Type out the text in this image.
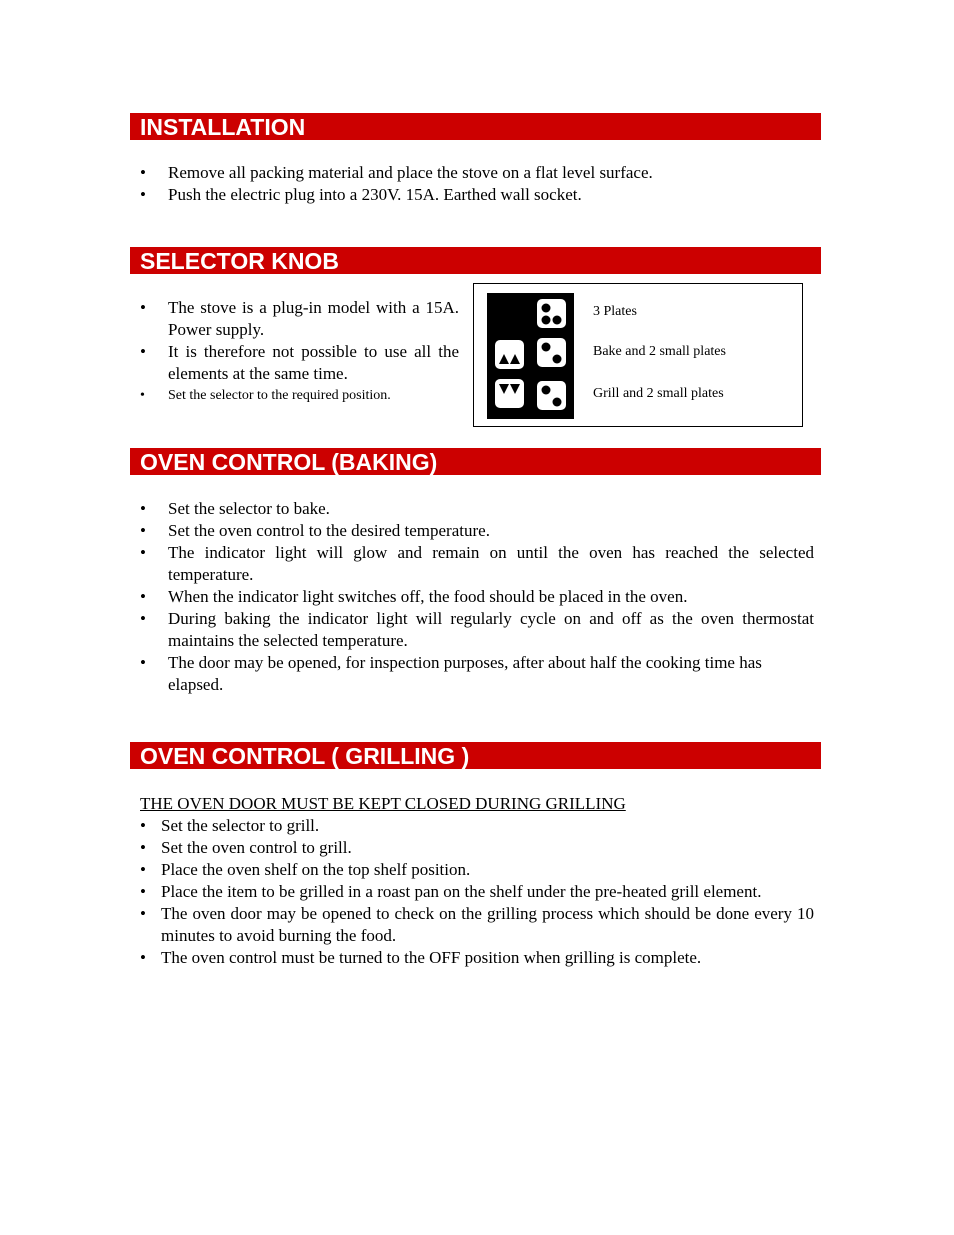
INSTALLATION
• Remove all packing material and place the stove on a flat level surface.
• Push the electric plug into a 230V. 15A. Earthed wall socket.
SELECTOR KNOB
• The stove is a plug-in model with a 15A. Power supply.
• It is therefore not possible to use all the elements at the same time.
• Set the selector to the required position.
3 Plates
Bake and 2 small plates
Grill and 2 small plates
OVEN CONTROL (BAKING)
• Set the selector to bake.
• Set the oven control to the desired temperature.
• The indicator light will glow and remain on until the oven has reached the selected temperature.
• When the indicator light switches off, the food should be placed in the oven.
• During baking the indicator light will regularly cycle on and off as the oven thermostat maintains the selected temperature.
• The door may be opened, for inspection purposes, after about half the cooking time has elapsed.
OVEN CONTROL ( GRILLING )
THE OVEN DOOR MUST BE KEPT CLOSED DURING GRILLING
• Set the selector to grill.
• Set the oven control to grill.
• Place the oven shelf on the top shelf position.
• Place the item to be grilled in a roast pan on the shelf under the pre-heated grill element.
• The oven door may be opened to check on the grilling process which should be done every 10 minutes to avoid burning the food.
• The oven control must be turned to the OFF position when grilling is complete.
